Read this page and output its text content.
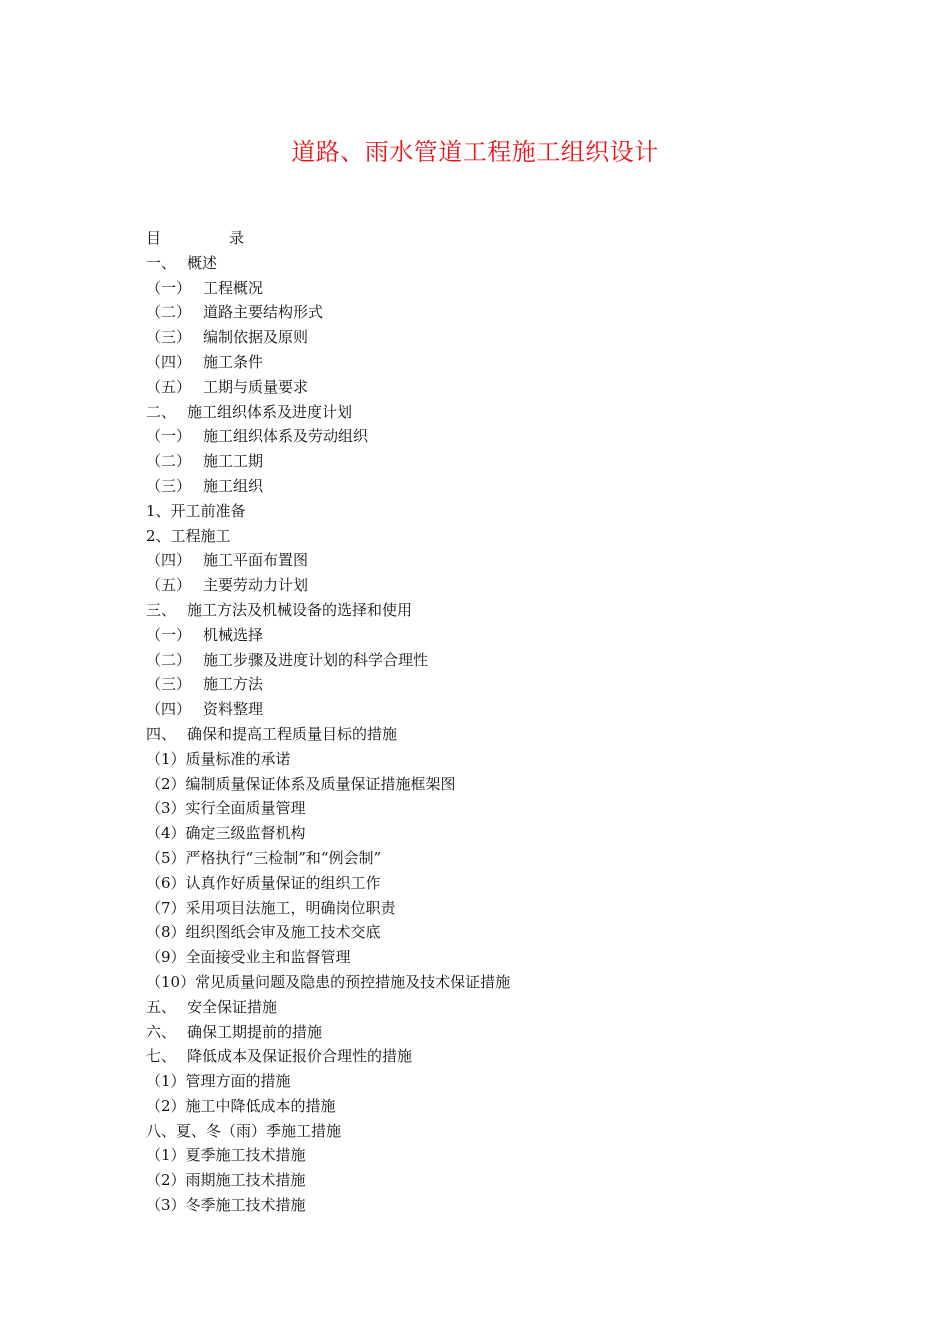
道路、雨水管道工程施工组织设计
目	录
一、 概述
（一） 工程概况
（二） 道路主要结构形式
（三） 编制依据及原则
（四） 施工条件
（五） 工期与质量要求
二、 施工组织体系及进度计划
（一） 施工组织体系及劳动组织
（二） 施工工期
（三） 施工组织
1、开工前准备
2、工程施工
（四） 施工平面布置图
（五） 主要劳动力计划
三、 施工方法及机械设备的选择和使用
（一） 机械选择
（二） 施工步骤及进度计划的科学合理性
（三） 施工方法
（四） 资料整理
四、 确保和提高工程质量目标的措施
（1）质量标准的承诺
（2）编制质量保证体系及质量保证措施框架图
（3）实行全面质量管理
（4）确定三级监督机构
（5）严格执行“三检制”和“例会制”
（6）认真作好质量保证的组织工作
（7）采用项目法施工，明确岗位职责
（8）组织图纸会审及施工技术交底
（9）全面接受业主和监督管理
（10）常见质量问题及隐患的预控措施及技术保证措施
五、 安全保证措施
六、 确保工期提前的措施
七、 降低成本及保证报价合理性的措施
（1）管理方面的措施
（2）施工中降低成本的措施
八、夏、冬（雨）季施工措施
（1）夏季施工技术措施
（2）雨期施工技术措施
（3）冬季施工技术措施
